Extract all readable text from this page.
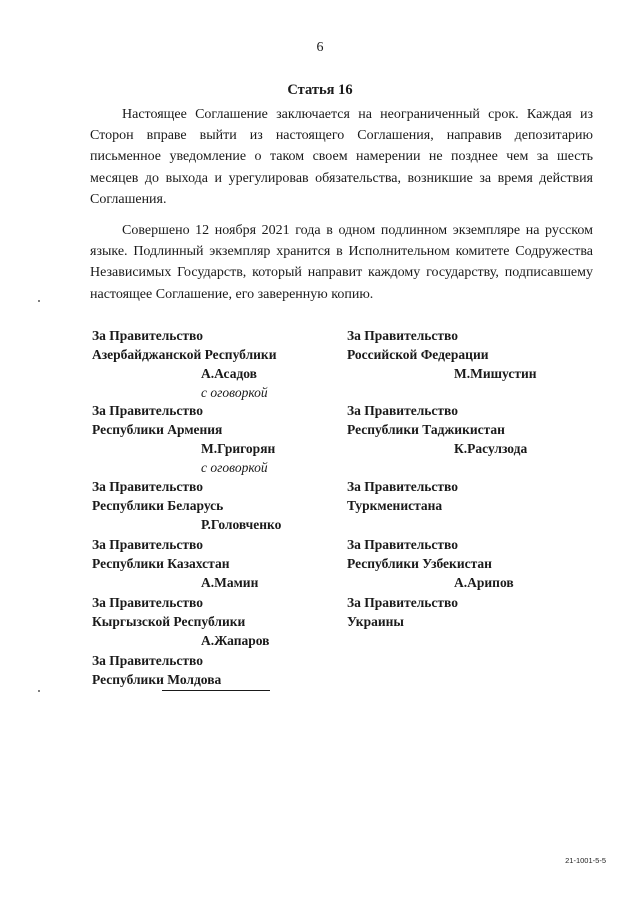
6
Статья 16

Настоящее Соглашение заключается на неограниченный срок. Каждая из Сторон вправе выйти из настоящего Соглашения, направив депозитарию письменное уведомление о таком своем намерении не позднее чем за шесть месяцев до выхода и урегулировав обязательства, возникшие за время действия Соглашения.

Совершено 12 ноября 2021 года в одном подлинном экземпляре на русском языке. Подлинный экземпляр хранится в Исполнительном комитете Содружества Независимых Государств, который направит каждому государству, подписавшему настоящее Соглашение, его заверенную копию.

За Правительство
Азербайджанской Республики
А.Асадов
с оговоркой
За Правительство
Республики Армения
М.Григорян
с оговоркой
За Правительство
Республики Беларусь
Р.Головченко
За Правительство
Республики Казахстан
А.Мамин
За Правительство
Кыргызской Республики
А.Жапаров
За Правительство
Республики Молдова
За Правительство
Российской Федерации
М.Мишустин
За Правительство
Республики Таджикистан
К.Расулзода
За Правительство
Туркменистана
За Правительство
Республики Узбекистан
А.Арипов
За Правительство
Украины
21-1001-5-5
